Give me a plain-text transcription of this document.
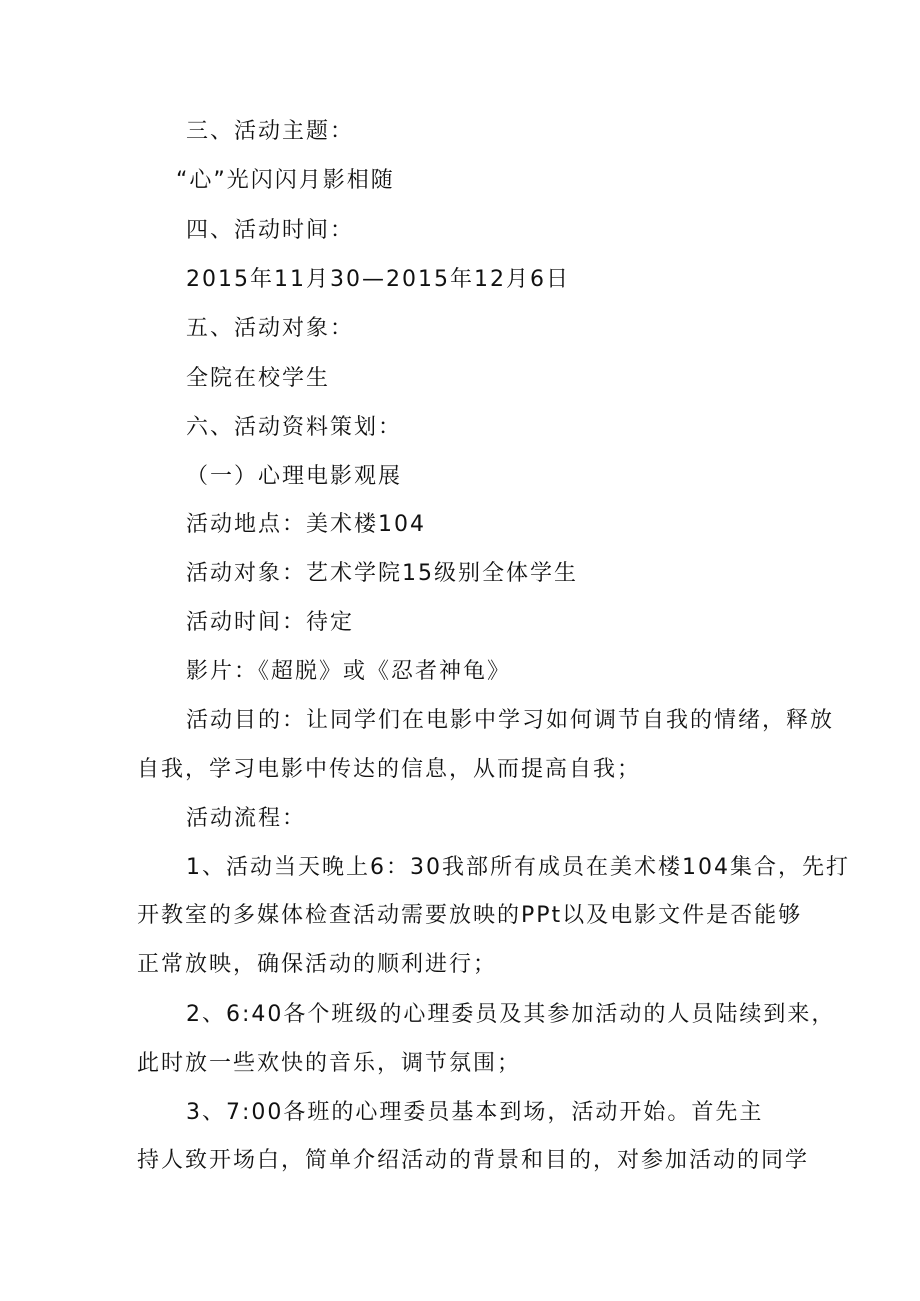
三、活动主题：
“心”光闪闪月影相随
四、活动时间：
2015年11月30—2015年12月6日
五、活动对象：
全院在校学生
六、活动资料策划：
（一）心理电影观展
活动地点：美术楼104
活动对象：艺术学院15级别全体学生
活动时间：待定
影片：《超脱》或《忍者神龟》
活动目的：让同学们在电影中学习如何调节自我的情绪，释放
自我，学习电影中传达的信息，从而提高自我；
活动流程：
1、活动当天晚上6：30我部所有成员在美术楼104集合，先打
开教室的多媒体检查活动需要放映的PPt以及电影文件是否能够
正常放映，确保活动的顺利进行；
2、6:40各个班级的心理委员及其参加活动的人员陆续到来，
此时放一些欢快的音乐，调节氛围；
3、7:00各班的心理委员基本到场，活动开始。首先主
持人致开场白，简单介绍活动的背景和目的，对参加活动的同学
